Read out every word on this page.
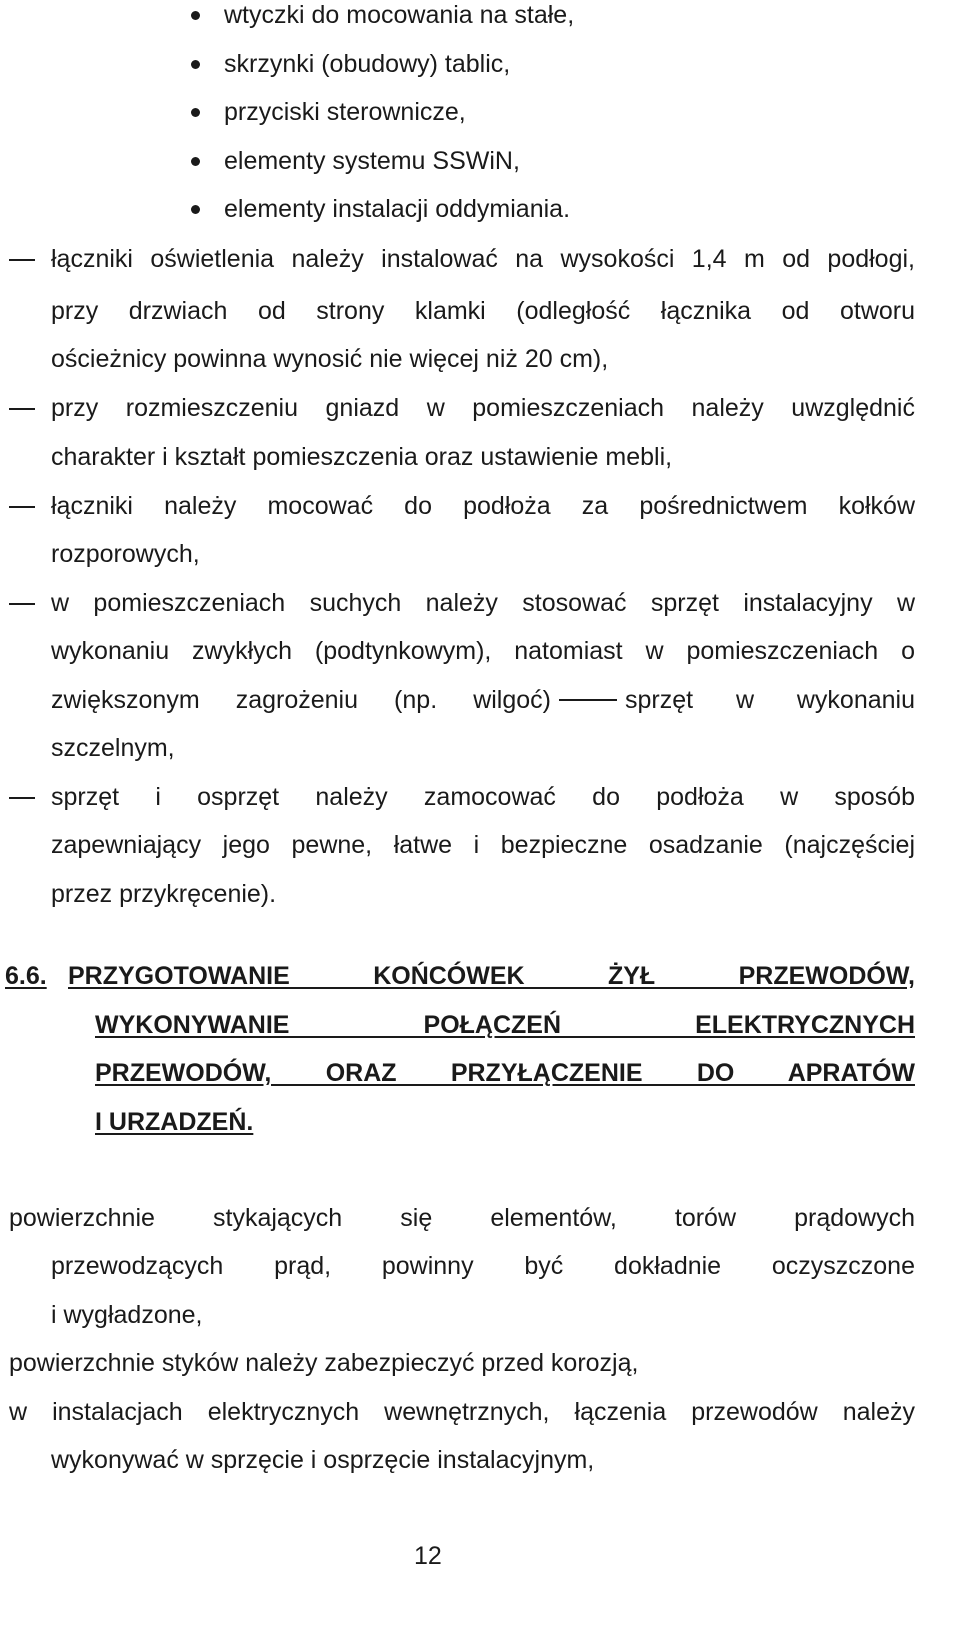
wtyczki do mocowania na stałe,
skrzynki (obudowy) tablic,
przyciski sterownicze,
elementy systemu SSWiN,
elementy instalacji oddymiania.
łączniki oświetlenia należy instalować na wysokości 1,4 m od podłogi,
przy drzwiach od strony klamki (odległość łącznika od otworu
ościeżnicy powinna wynosić nie więcej niż 20 cm),
przy rozmieszczeniu gniazd w pomieszczeniach należy uwzględnić
charakter i kształt pomieszczenia oraz ustawienie mebli,
łączniki należy mocować do podłoża za pośrednictwem kołków
rozporowych,
w pomieszczeniach suchych należy stosować sprzęt instalacyjny w
wykonaniu zwykłych (podtynkowym), natomiast w pomieszczeniach o
zwiększonym zagrożeniu (np. wilgoć)	sprzęt w wykonaniu
szczelnym,
sprzęt i osprzęt należy zamocować do podłoża w sposób
zapewniający jego pewne, łatwe i bezpieczne osadzanie (najczęściej
przez przykręcenie).
6.6. PRZYGOTOWANIE KOŃCÓWEK ŻYŁ PRZEWODÓW,
WYKONYWANIE POŁĄCZEŃ ELEKTRYCZNYCH
PRZEWODÓW, ORAZ PRZYŁĄCZENIE DO APRATÓW
I URZADZEŃ.
powierzchnie stykających się elementów, torów prądowych
przewodzących prąd, powinny być dokładnie oczyszczone
i wygładzone,
powierzchnie styków należy zabezpieczyć przed korozją,
w instalacjach elektrycznych wewnętrznych, łączenia przewodów należy
wykonywać w sprzęcie i osprzęcie instalacyjnym,
12
